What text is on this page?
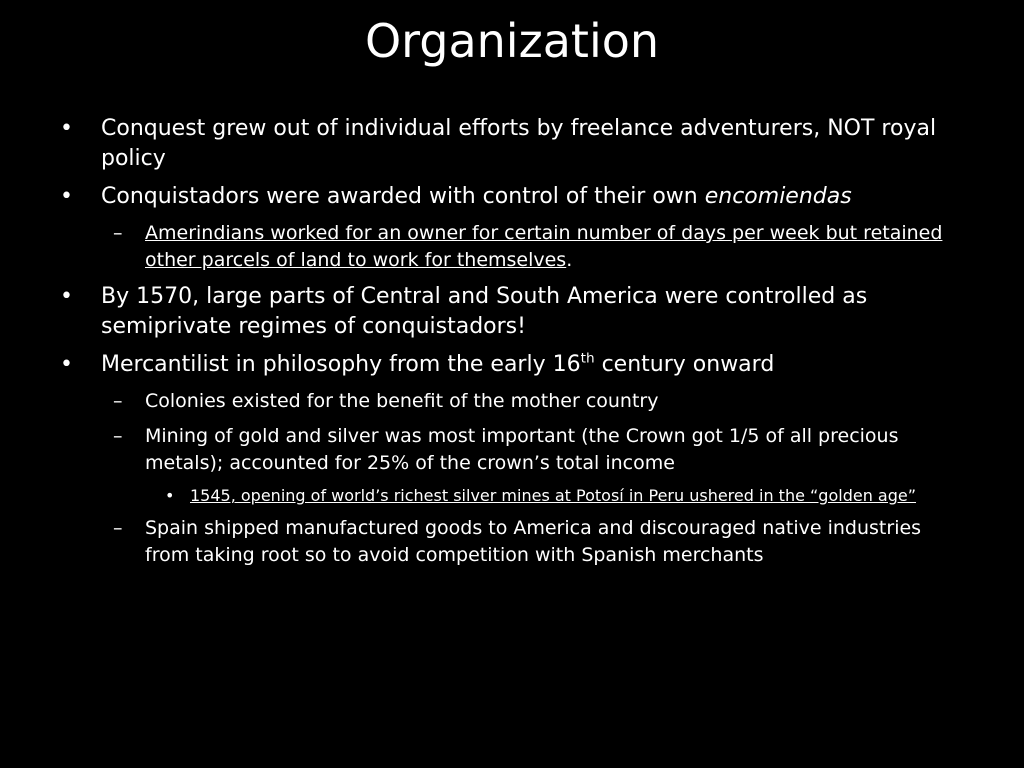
Organization
•	Conquest grew out of individual efforts by freelance adventurers, NOT royal policy
•	Conquistadors were awarded with control of their own encomiendas
–	Amerindians worked for an owner for certain number of days per week but retained other parcels of land to work for themselves.
•	By 1570, large parts of Central and South America were controlled as semiprivate regimes of conquistadors!
•	Mercantilist in philosophy from the early 16th century onward
–	Colonies existed for the benefit of the mother country
–	Mining of gold and silver was most important (the Crown got 1/5 of all precious metals); accounted for 25% of the crown’s total income
• 1545, opening of world’s richest silver mines at Potosí in Peru ushered in the “golden age”
–	Spain shipped manufactured goods to America and discouraged native industries from taking root so to avoid competition with Spanish merchants
